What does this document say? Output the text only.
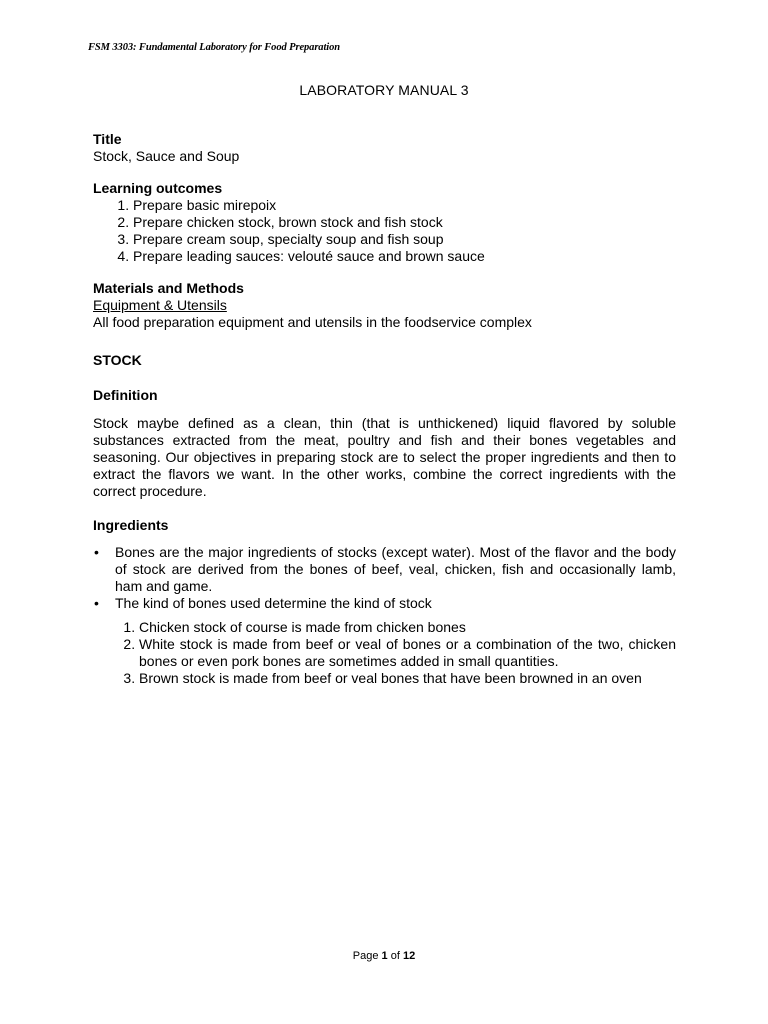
FSM 3303: Fundamental Laboratory for Food Preparation
LABORATORY MANUAL 3
Title
Stock, Sauce and Soup
Learning outcomes
1. Prepare basic mirepoix
2. Prepare chicken stock, brown stock and fish stock
3. Prepare cream soup, specialty soup and fish soup
4. Prepare leading sauces: velouté sauce and brown sauce
Materials and Methods
Equipment & Utensils
All food preparation equipment and utensils in the foodservice complex
STOCK
Definition
Stock maybe defined as a clean, thin (that is unthickened) liquid flavored by soluble substances extracted from the meat, poultry and fish and their bones vegetables and seasoning. Our objectives in preparing stock are to select the proper ingredients and then to extract the flavors we want. In the other works, combine the correct ingredients with the correct procedure.
Ingredients
• Bones are the major ingredients of stocks (except water). Most of the flavor and the body of stock are derived from the bones of beef, veal, chicken, fish and occasionally lamb, ham and game.
• The kind of bones used determine the kind of stock
1. Chicken stock of course is made from chicken bones
2. White stock is made from beef or veal of bones or a combination of the two, chicken bones or even pork bones are sometimes added in small quantities.
3. Brown stock is made from beef or veal bones that have been browned in an oven
Page 1 of 12
